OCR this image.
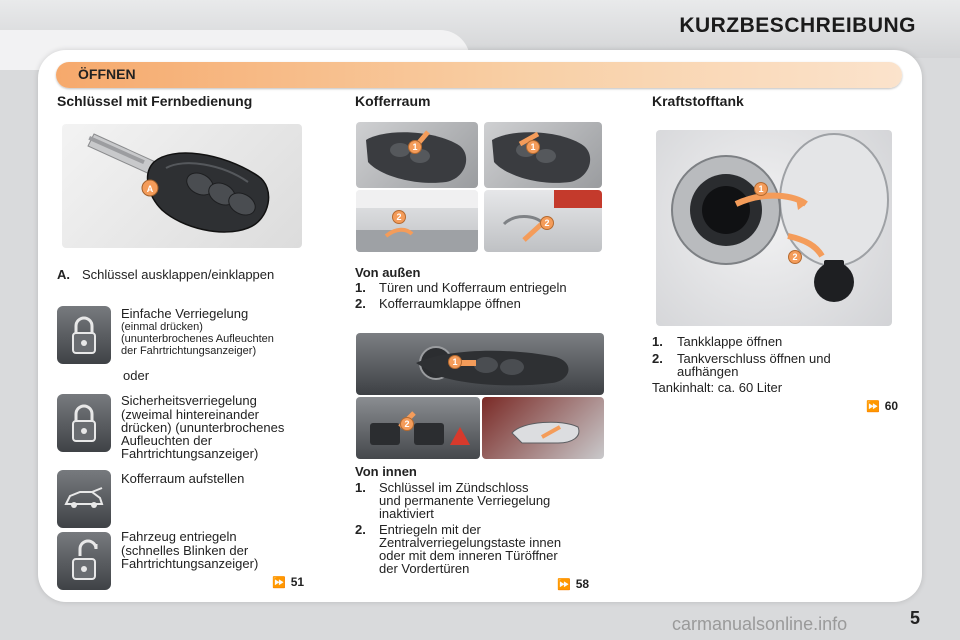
KURZBESCHREIBUNG
ÖFFNEN
Schlüssel mit Fernbedienung
A
A. Schlüssel ausklappen/einklappen
Einfache Verriegelung
(einmal drücken)
(ununterbrochenes Aufleuchten
der Fahrtrichtungsanzeiger)
oder
Sicherheitsverriegelung
(zweimal hintereinander
drücken) (ununterbrochenes
Aufleuchten der
Fahrtrichtungsanzeiger)
Kofferraum aufstellen
Fahrzeug entriegeln
(schnelles Blinken der
Fahrtrichtungsanzeiger)
⏩ 51
Kofferraum
1	1
2
2
Von außen
1. Türen und Kofferraum entriegeln
2. Kofferraumklappe öffnen
1
2
Von innen
1. Schlüssel im Zündschloss
und permanente Verriegelung
inaktiviert
2. Entriegeln mit der
Zentralverriegelungstaste innen
oder mit dem inneren Türöffner
der Vordertüren
⏩ 58
Kraftstofftank
1
2
1. Tankklappe öffnen
2. Tankverschluss öffnen und
aufhängen
Tankinhalt: ca. 60 Liter
⏩ 60
5
carmanualsonline.info
